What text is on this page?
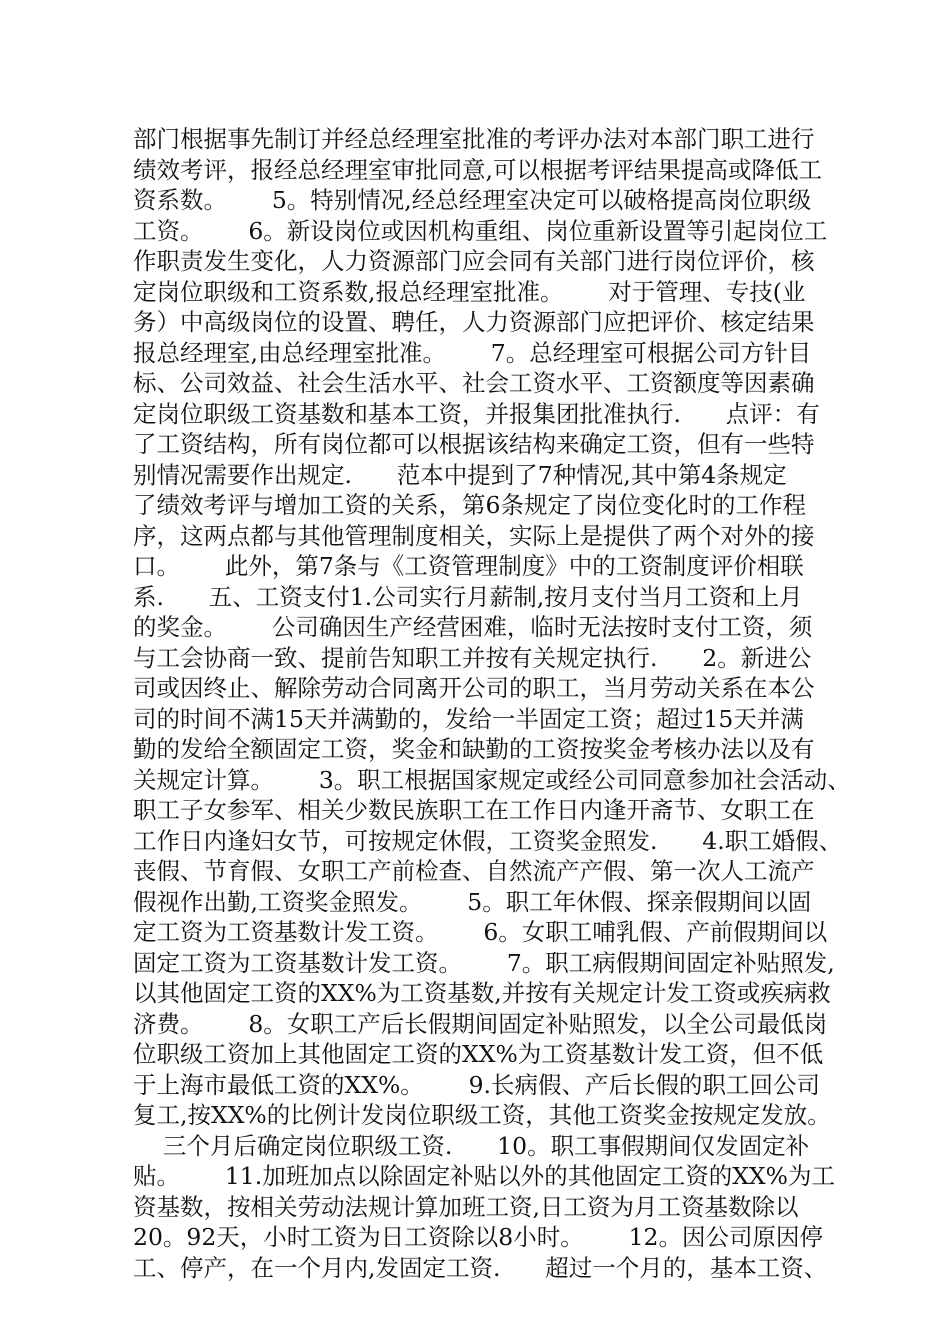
部门根据事先制订并经总经理室批准的考评办法对本部门职工进行
绩效考评，报经总经理室审批同意,可以根据考评结果提高或降低工
资系数。      5。特别情况,经总经理室决定可以破格提高岗位职级
工资。      6。新设岗位或因机构重组、岗位重新设置等引起岗位工
作职责发生变化，人力资源部门应会同有关部门进行岗位评价，核
定岗位职级和工资系数,报总经理室批准。      对于管理、专技(业
务）中高级岗位的设置、聘任，人力资源部门应把评价、核定结果
报总经理室,由总经理室批准。      7。总经理室可根据公司方针目
标、公司效益、社会生活水平、社会工资水平、工资额度等因素确
定岗位职级工资基数和基本工资，并报集团批准执行.      点评：有
了工资结构，所有岗位都可以根据该结构来确定工资，但有一些特
别情况需要作出规定.      范本中提到了7种情况,其中第4条规定
了绩效考评与增加工资的关系，第6条规定了岗位变化时的工作程
序，这两点都与其他管理制度相关，实际上是提供了两个对外的接
口。      此外，第7条与《工资管理制度》中的工资制度评价相联
系.      五、工资支付1.公司实行月薪制,按月支付当月工资和上月
的奖金。      公司确因生产经营困难，临时无法按时支付工资，须
与工会协商一致、提前告知职工并按有关规定执行.      2。新进公
司或因终止、解除劳动合同离开公司的职工，当月劳动关系在本公
司的时间不满15天并满勤的，发给一半固定工资；超过15天并满
勤的发给全额固定工资，奖金和缺勤的工资按奖金考核办法以及有
关规定计算。      3。职工根据国家规定或经公司同意参加社会活动、
职工子女参军、相关少数民族职工在工作日内逢开斋节、女职工在
工作日内逢妇女节，可按规定休假，工资奖金照发.      4.职工婚假、
丧假、节育假、女职工产前检查、自然流产产假、第一次人工流产
假视作出勤,工资奖金照发。      5。职工年休假、探亲假期间以固
定工资为工资基数计发工资。      6。女职工哺乳假、产前假期间以
固定工资为工资基数计发工资。      7。职工病假期间固定补贴照发,
以其他固定工资的XX%为工资基数,并按有关规定计发工资或疾病救
济费。      8。女职工产后长假期间固定补贴照发，以全公司最低岗
位职级工资加上其他固定工资的XX%为工资基数计发工资，但不低
于上海市最低工资的XX%。      9.长病假、产后长假的职工回公司
复工,按XX%的比例计发岗位职级工资，其他工资奖金按规定发放。
三个月后确定岗位职级工资.      10。职工事假期间仅发固定补
贴。      11.加班加点以除固定补贴以外的其他固定工资的XX%为工
资基数，按相关劳动法规计算加班工资,日工资为月工资基数除以
20。92天，小时工资为日工资除以8小时。      12。因公司原因停
工、停产，在一个月内,发固定工资.      超过一个月的，基本工资、
